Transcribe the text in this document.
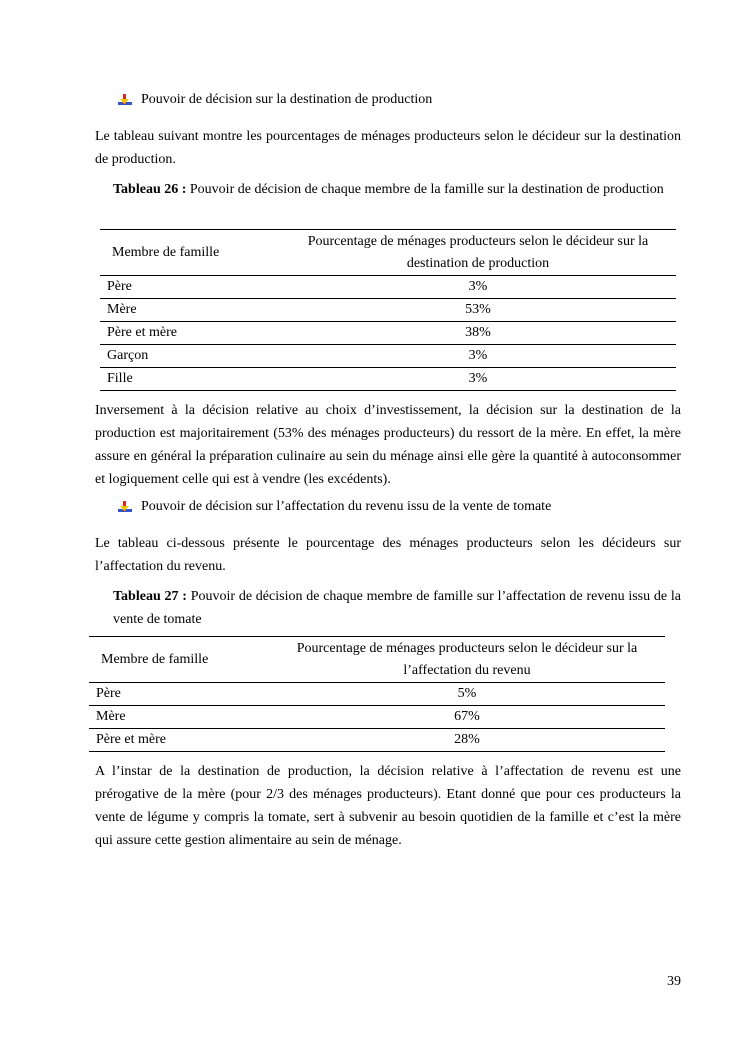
Pouvoir de décision sur la destination de production

Le tableau suivant montre les pourcentages de ménages producteurs selon le décideur sur la destination de production.

Tableau 26 : Pouvoir de décision de chaque membre de la famille sur la destination de production

Membre de famille	Pourcentage de ménages producteurs selon le décideur sur la destination de production
Père	3%
Mère	53%
Père et mère	38%
Garçon	3%
Fille	3%

Inversement à la décision relative au choix d’investissement, la décision sur la destination de la production est majoritairement (53% des ménages producteurs) du ressort de la mère. En effet, la mère assure en général la préparation culinaire au sein du ménage ainsi elle gère la quantité à autoconsommer et logiquement celle qui est à vendre (les excédents).

Pouvoir de décision sur l’affectation du revenu issu de la vente de tomate

Le tableau ci-dessous présente le pourcentage des ménages producteurs selon les décideurs sur l’affectation du revenu.

Tableau 27 : Pouvoir de décision de chaque membre de famille sur l’affectation de revenu issu de la vente de tomate

Membre de famille	Pourcentage de ménages producteurs selon le décideur sur la l’affectation du revenu
Père	5%
Mère	67%
Père et mère	28%

A l’instar de la destination de production, la décision relative à l’affectation de revenu est une prérogative de la mère (pour 2/3 des ménages producteurs). Etant donné que pour ces producteurs la vente de légume y compris la tomate, sert à subvenir au besoin quotidien de la famille et c’est la mère qui assure cette gestion alimentaire au sein de ménage.

39
